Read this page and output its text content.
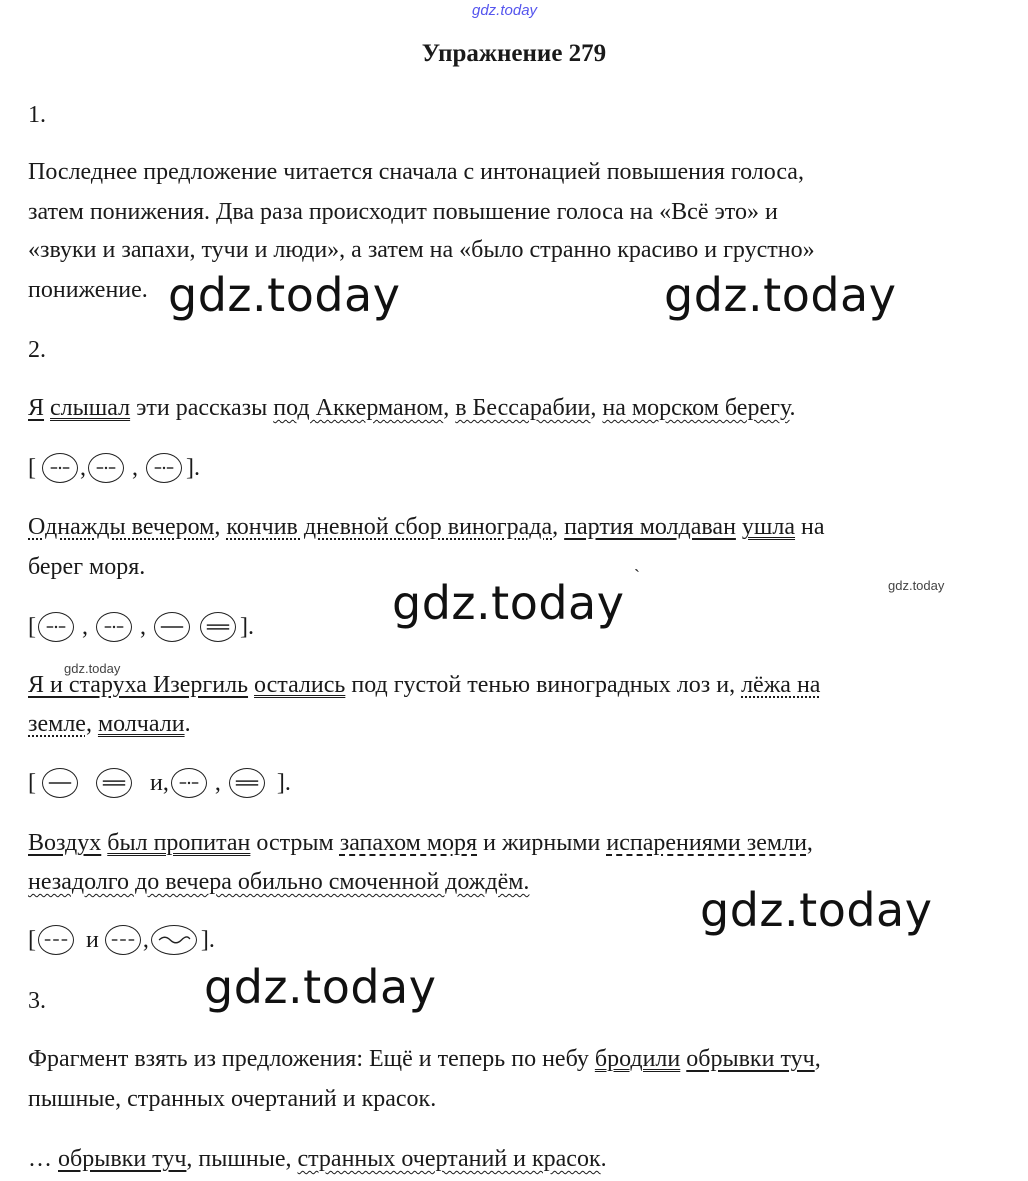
gdz.today
gdz.today	gdz.today
gdz.today	gdz.today
gdz.today
gdz.today
gdz.today
Упражнение 279
1.
Последнее предложение читается сначала с интонацией повышения голоса,
затем понижения. Два раза происходит повышение голоса на «Всё это» и
«звуки и запахи, тучи и люди», а затем на «было странно красиво и грустно»
понижение.
2.
Я слышал эти рассказы под Аккерманом, в Бессарабии, на морском берегу.
[ , , ].
Однажды вечером, кончив дневной сбор винограда, партия молдаван ушла на
берег моря.	`
[ , ,	].
Я и старуха Изергиль остались под густой тенью виноградных лоз и, лёжа на
земле, молчали.
[	и, , ].
Воздух был пропитан острым запахом моря и жирными испарениями земли,
незадолго до вечера обильно смоченной дождём.
[ и , ].
3.
Фрагмент взять из предложения: Ещё и теперь по небу бродили обрывки туч,
пышные, странных очертаний и красок.
… обрывки туч, пышные, странных очертаний и красок.
